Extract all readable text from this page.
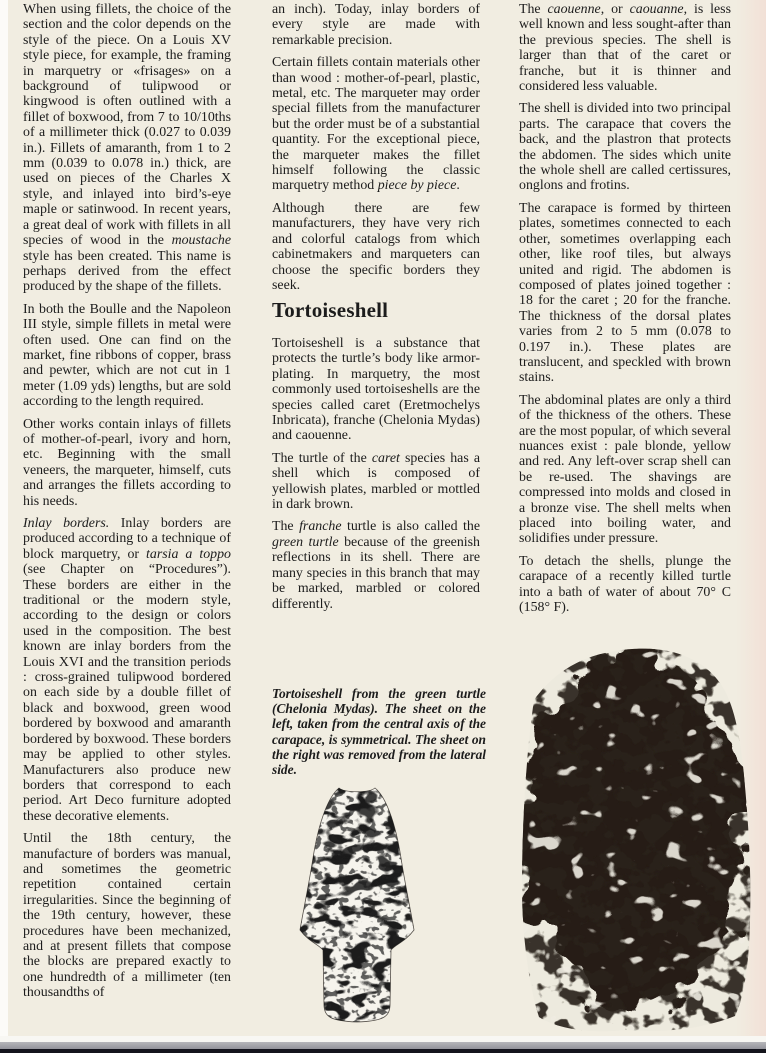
When using fillets, the choice of the section and the color depends on the style of the piece. On a Louis XV style piece, for example, the framing in marquetry or «frisages» on a background of tulipwood or kingwood is often outlined with a fillet of boxwood, from 7 to 10/10ths of a millimeter thick (0.027 to 0.039 in.). Fillets of amaranth, from 1 to 2 mm (0.039 to 0.078 in.) thick, are used on pieces of the Charles X style, and inlayed into bird’s-eye maple or satinwood. In recent years, a great deal of work with fillets in all species of wood in the moustache style has been created. This name is perhaps derived from the effect produced by the shape of the fillets.

In both the Boulle and the Napoleon III style, simple fillets in metal were often used. One can find on the market, fine ribbons of copper, brass and pewter, which are not cut in 1 meter (1.09 yds) lengths, but are sold according to the length required.

Other works contain inlays of fillets of mother-of-pearl, ivory and horn, etc. Beginning with the small veneers, the marqueter, himself, cuts and arranges the fillets according to his needs.

Inlay borders. Inlay borders are produced according to a technique of block marquetry, or tarsia a toppo (see Chapter on “Procedures”). These borders are either in the traditional or the modern style, according to the design or colors used in the composition. The best known are inlay borders from the Louis XVI and the transition periods : cross-grained tulipwood bordered on each side by a double fillet of black and boxwood, green wood bordered by boxwood and amaranth bordered by boxwood. These borders may be applied to other styles. Manufacturers also produce new borders that correspond to each period. Art Deco furniture adopted these decorative elements.

Until the 18th century, the manufacture of borders was manual, and sometimes the geometric repetition contained certain irregularities. Since the beginning of the 19th century, however, these procedures have been mechanized, and at present fillets that compose the blocks are prepared exactly to one hundredth of a millimeter (ten thousandths of

an inch). Today, inlay borders of every style are made with remarkable precision.

Certain fillets contain materials other than wood : mother-of-pearl, plastic, metal, etc. The marqueter may order special fillets from the manufacturer but the order must be of a substantial quantity. For the exceptional piece, the marqueter makes the fillet himself following the classic marquetry method piece by piece.

Although there are few manufacturers, they have very rich and colorful catalogs from which cabinetmakers and marqueters can choose the specific borders they seek.

Tortoiseshell

Tortoiseshell is a substance that protects the turtle’s body like armor-plating. In marquetry, the most commonly used tortoiseshells are the species called caret (Eretmochelys Inbricata), franche (Chelonia Mydas) and caouenne.

The turtle of the caret species has a shell which is composed of yellowish plates, marbled or mottled in dark brown.

The franche turtle is also called the green turtle because of the greenish reflections in its shell. There are many species in this branch that may be marked, marbled or colored differently.

Tortoiseshell from the green turtle (Chelonia Mydas). The sheet on the left, taken from the central axis of the carapace, is symmetrical. The sheet on the right was removed from the lateral side.

The caouenne, or caouanne, is less well known and less sought-after than the previous species. The shell is larger than that of the caret or franche, but it is thinner and considered less valuable.

The shell is divided into two principal parts. The carapace that covers the back, and the plastron that protects the abdomen. The sides which unite the whole shell are called certissures, onglons and frotins.

The carapace is formed by thirteen plates, sometimes connected to each other, sometimes overlapping each other, like roof tiles, but always united and rigid. The abdomen is composed of plates joined together : 18 for the caret ; 20 for the franche. The thickness of the dorsal plates varies from 2 to 5 mm (0.078 to 0.197 in.). These plates are translucent, and speckled with brown stains.

The abdominal plates are only a third of the thickness of the others. These are the most popular, of which several nuances exist : pale blonde, yellow and red. Any left-over scrap shell can be re-used. The shavings are compressed into molds and closed in a bronze vise. The shell melts when placed into boiling water, and solidifies under pressure.

To detach the shells, plunge the carapace of a recently killed turtle into a bath of water of about 70° C (158° F).
